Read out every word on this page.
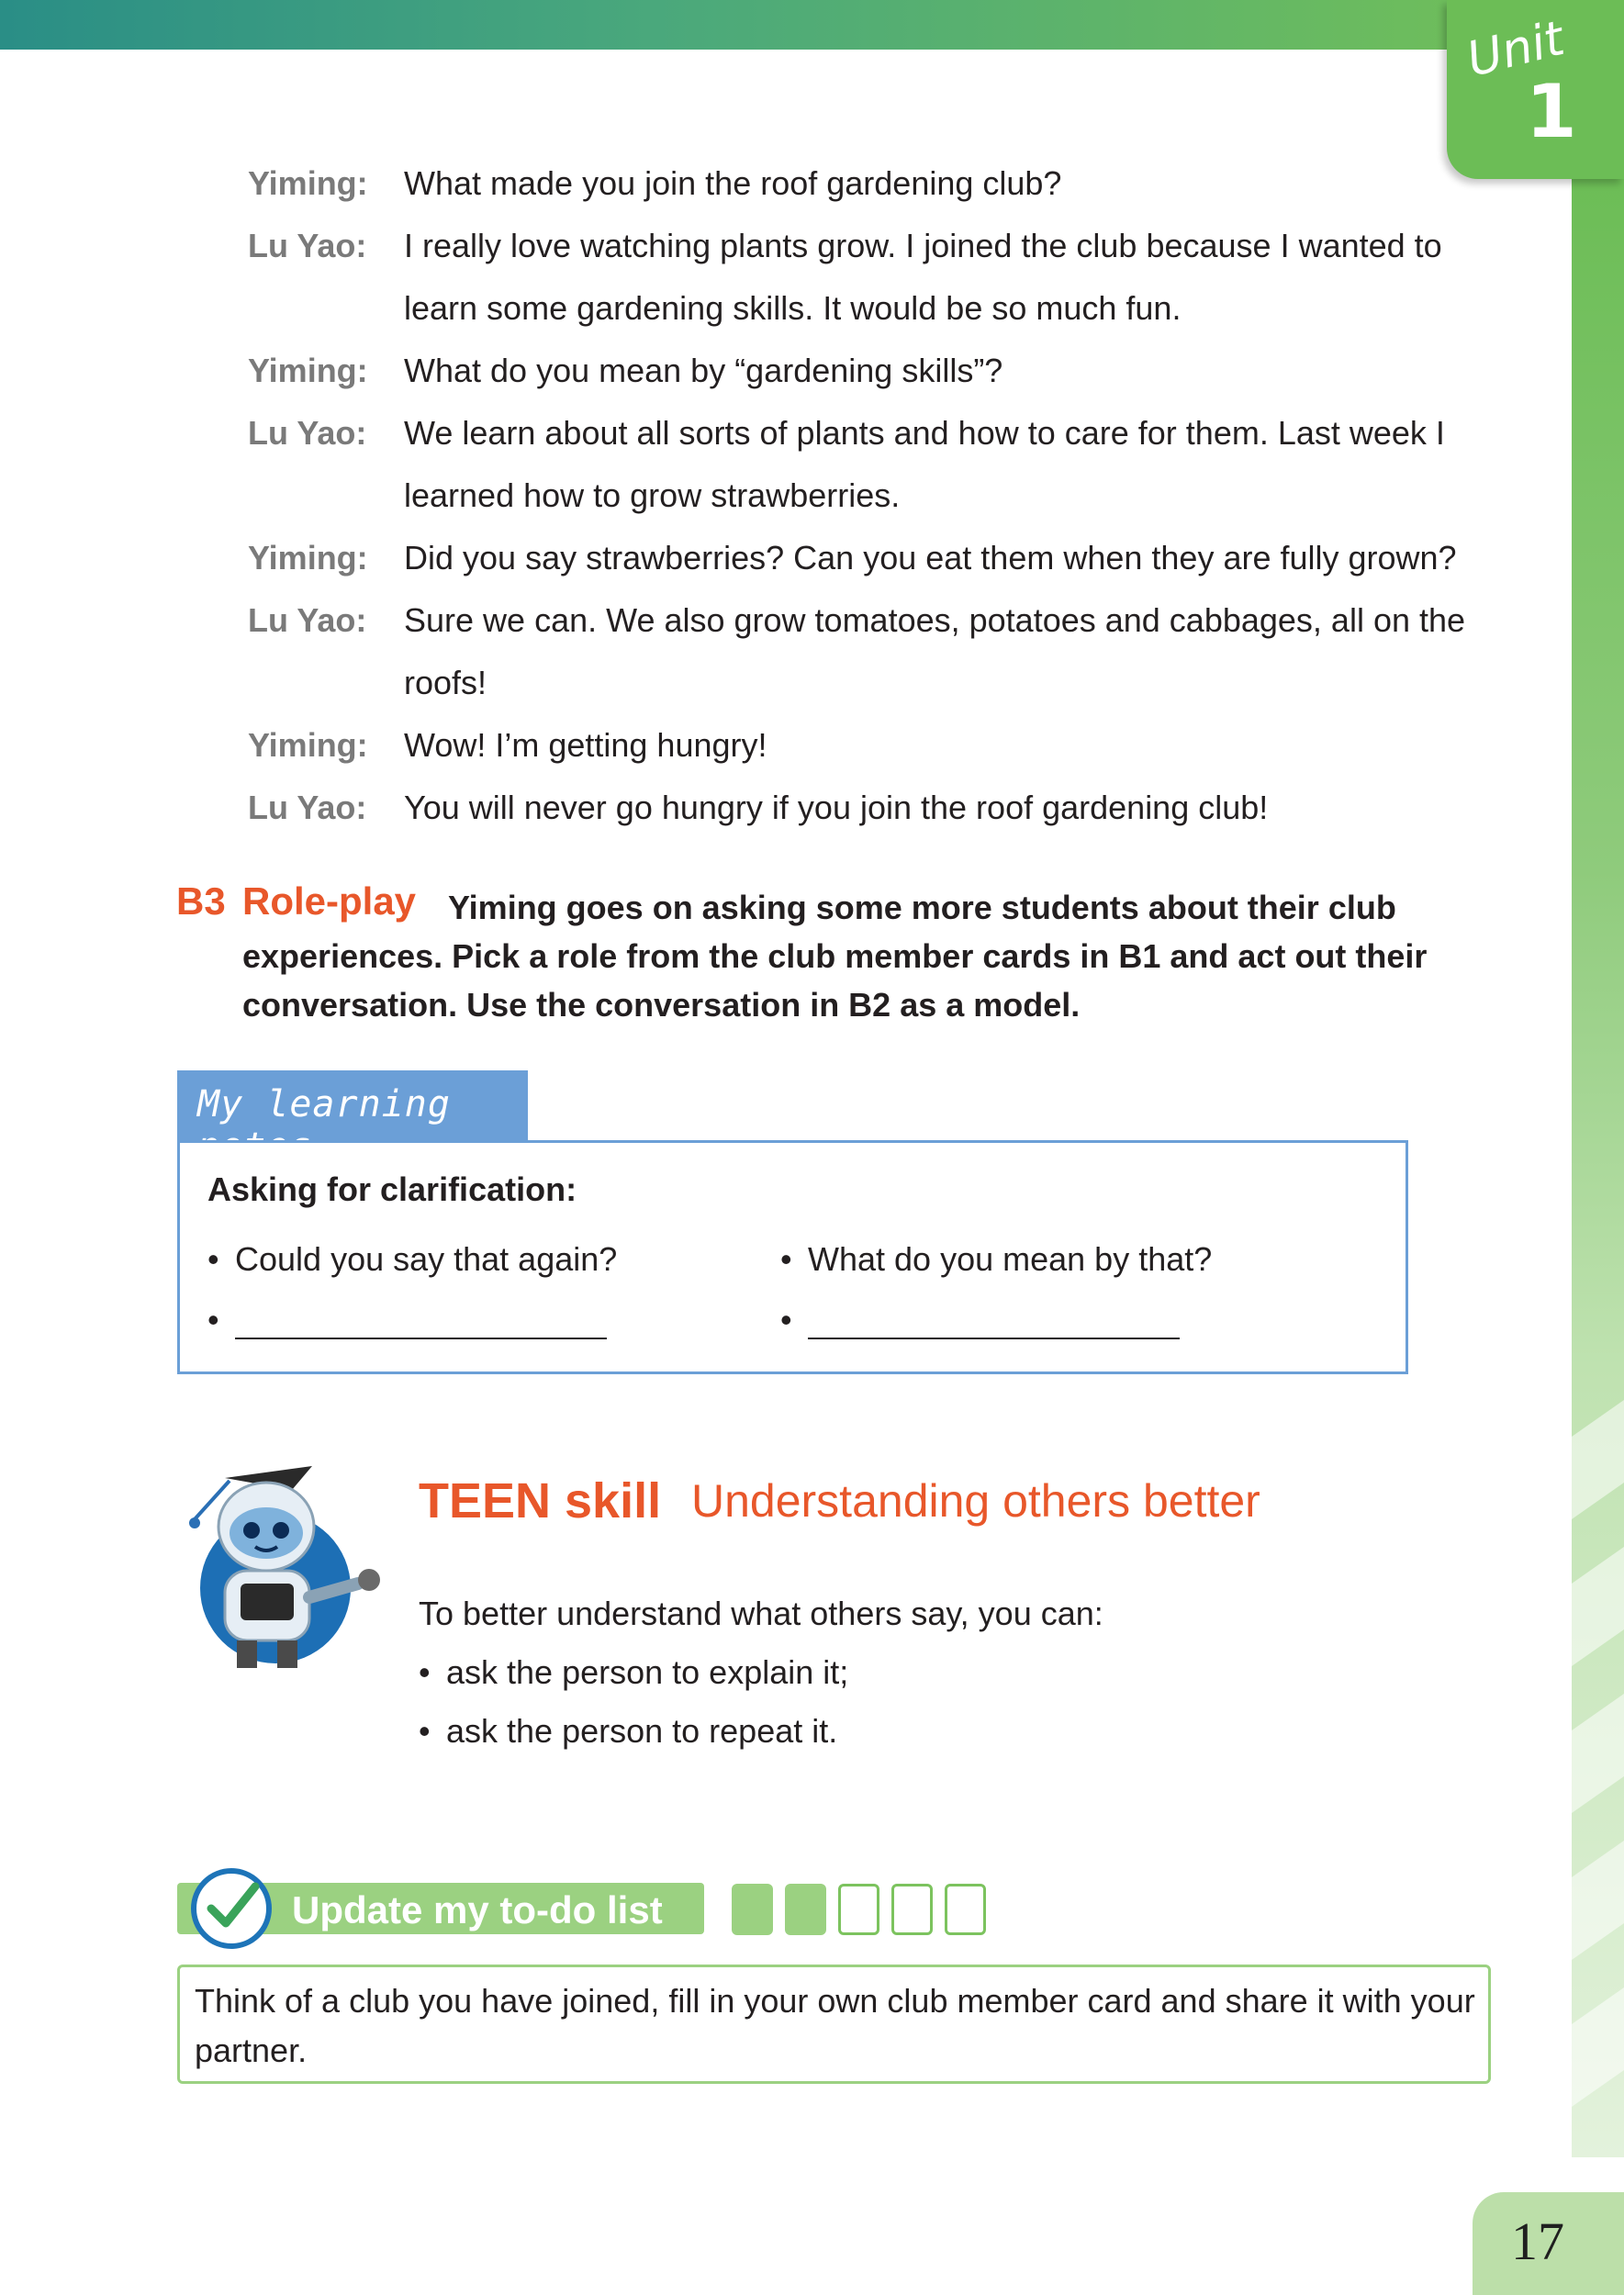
Unit
1
Yiming:	What made you join the roof gardening club?
Lu Yao:	I really love watching plants grow. I joined the club because I wanted to learn some gardening skills. It would be so much fun.
Yiming:	What do you mean by “gardening skills”?
Lu Yao:	We learn about all sorts of plants and how to care for them. Last week I learned how to grow strawberries.
Yiming:	Did you say strawberries? Can you eat them when they are fully grown?
Lu Yao:	Sure we can. We also grow tomatoes, potatoes and cabbages, all on the roofs!
Yiming:	Wow! I’m getting hungry!
Lu Yao:	You will never go hungry if you join the roof gardening club!
B3 Role-play Yiming goes on asking some more students about their club experiences. Pick a role from the club member cards in B1 and act out their conversation. Use the conversation in B2 as a model.
My learning notes
Asking for clarification:
• Could you say that again?	• What do you mean by that?
•	•
TEEN skill Understanding others better
To better understand what others say, you can:
• ask the person to explain it;
• ask the person to repeat it.
Update my to-do list
Think of a club you have joined, fill in your own club member card and share it with your partner.
17
